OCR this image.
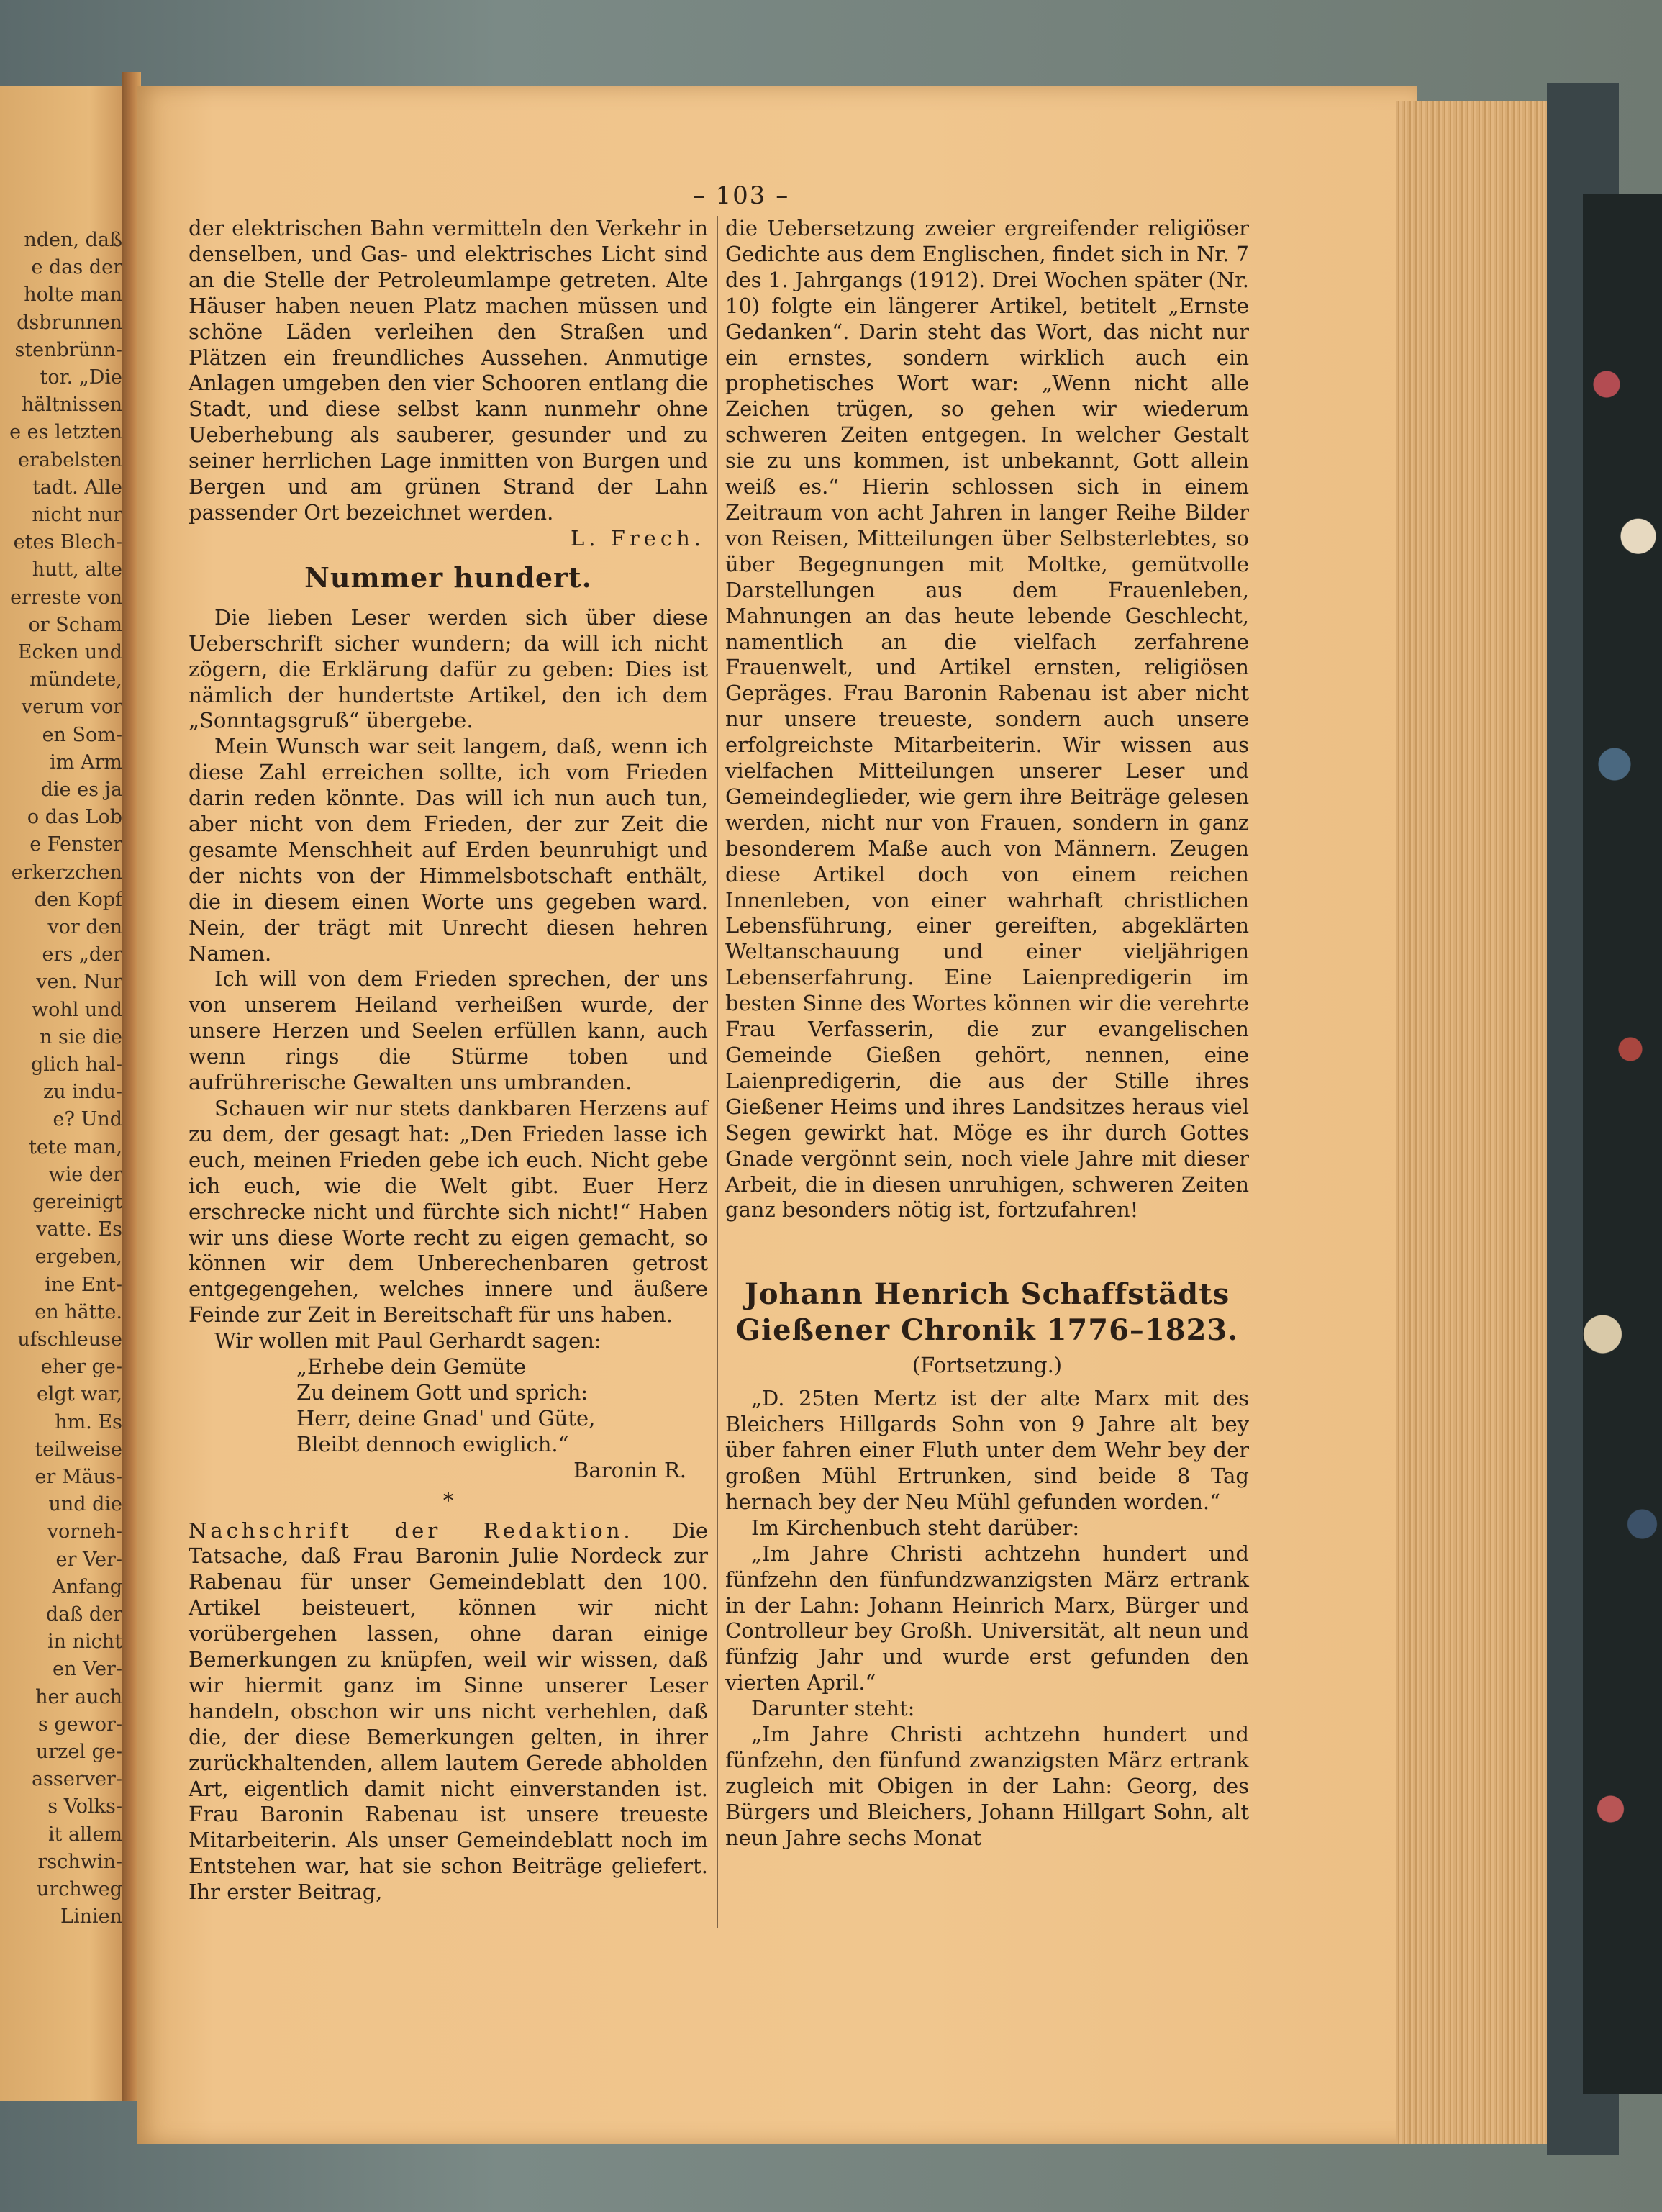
nden, daß
e das der
holte man
dsbrunnen
stenbrünn-
tor. „Die
hältnissen
e es letzten
erabelsten
tadt. Alle
nicht nur
etes Blech-
hutt, alte
erreste von
or Scham
Ecken und
mündete,
verum vor
en Som-
im Arm
die es ja
o das Lob
e Fenster
erkerzchen
den Kopf
vor den
ers „der
ven. Nur
wohl und
n sie die
glich hal-
zu indu-
e? Und
tete man,
wie der
gereinigt
vatte. Es
ergeben,
ine Ent-
en hätte.
ufschleuse
eher ge-
elgt war,
hm. Es
teilweise
er Mäus-
und die
vorneh-
er Ver-
Anfang
daß der
in nicht
en Ver-
her auch
s gewor-
urzel ge-
asserver-
s Volks-
it allem
rschwin-
urchweg
Linien
– 103 –

der elektrischen Bahn vermitteln den Verkehr in denselben, und Gas- und elektrisches Licht sind an die Stelle der Petroleumlampe getreten. Alte Häuser haben neuen Platz machen müssen und schöne Läden verleihen den Straßen und Plätzen ein freundliches Aussehen. Anmutige Anlagen umgeben den vier Schooren entlang die Stadt, und diese selbst kann nunmehr ohne Ueberhebung als sauberer, gesunder und zu seiner herrlichen Lage inmitten von Burgen und Bergen und am grünen Strand der Lahn passender Ort bezeichnet werden.

L. Frech.

Nummer hundert.

Die lieben Leser werden sich über diese Ueberschrift sicher wundern; da will ich nicht zögern, die Erklärung dafür zu geben: Dies ist nämlich der hundertste Artikel, den ich dem „Sonntagsgruß“ übergebe.

Mein Wunsch war seit langem, daß, wenn ich diese Zahl erreichen sollte, ich vom Frieden darin reden könnte. Das will ich nun auch tun, aber nicht von dem Frieden, der zur Zeit die gesamte Menschheit auf Erden beunruhigt und der nichts von der Himmelsbotschaft enthält, die in diesem einen Worte uns gegeben ward. Nein, der trägt mit Unrecht diesen hehren Namen.

Ich will von dem Frieden sprechen, der uns von unserem Heiland verheißen wurde, der unsere Herzen und Seelen erfüllen kann, auch wenn rings die Stürme toben und aufrührerische Gewalten uns umbranden.

Schauen wir nur stets dankbaren Herzens auf zu dem, der gesagt hat: „Den Frieden lasse ich euch, meinen Frieden gebe ich euch. Nicht gebe ich euch, wie die Welt gibt. Euer Herz erschrecke nicht und fürchte sich nicht!“ Haben wir uns diese Worte recht zu eigen gemacht, so können wir dem Unberechenbaren getrost entgegengehen, welches innere und äußere Feinde zur Zeit in Bereitschaft für uns haben.

Wir wollen mit Paul Gerhardt sagen:

„Erhebe dein Gemüte

Zu deinem Gott und sprich:

Herr, deine Gnad' und Güte,

Bleibt dennoch ewiglich.“

Baronin R.

*

Nachschrift der Redaktion. Die Tatsache, daß Frau Baronin Julie Nordeck zur Rabenau für unser Gemeindeblatt den 100. Artikel beisteuert, können wir nicht vorübergehen lassen, ohne daran einige Bemerkungen zu knüpfen, weil wir wissen, daß wir hiermit ganz im Sinne unserer Leser handeln, obschon wir uns nicht verhehlen, daß die, der diese Bemerkungen gelten, in ihrer zurückhaltenden, allem lautem Gerede abholden Art, eigentlich damit nicht einverstanden ist. Frau Baronin Rabenau ist unsere treueste Mitarbeiterin. Als unser Gemeindeblatt noch im Entstehen war, hat sie schon Beiträge geliefert. Ihr erster Beitrag,

die Uebersetzung zweier ergreifender religiöser Gedichte aus dem Englischen, findet sich in Nr. 7 des 1. Jahrgangs (1912). Drei Wochen später (Nr. 10) folgte ein längerer Artikel, betitelt „Ernste Gedanken“. Darin steht das Wort, das nicht nur ein ernstes, sondern wirklich auch ein prophetisches Wort war: „Wenn nicht alle Zeichen trügen, so gehen wir wiederum schweren Zeiten entgegen. In welcher Gestalt sie zu uns kommen, ist unbekannt, Gott allein weiß es.“ Hierin schlossen sich in einem Zeitraum von acht Jahren in langer Reihe Bilder von Reisen, Mitteilungen über Selbsterlebtes, so über Begegnungen mit Moltke, gemütvolle Darstellungen aus dem Frauenleben, Mahnungen an das heute lebende Geschlecht, namentlich an die vielfach zerfahrene Frauenwelt, und Artikel ernsten, religiösen Gepräges. Frau Baronin Rabenau ist aber nicht nur unsere treueste, sondern auch unsere erfolgreichste Mitarbeiterin. Wir wissen aus vielfachen Mitteilungen unserer Leser und Gemeindeglieder, wie gern ihre Beiträge gelesen werden, nicht nur von Frauen, sondern in ganz besonderem Maße auch von Männern. Zeugen diese Artikel doch von einem reichen Innenleben, von einer wahrhaft christlichen Lebensführung, einer gereiften, abgeklärten Weltanschauung und einer vieljährigen Lebenserfahrung. Eine Laienpredigerin im besten Sinne des Wortes können wir die verehrte Frau Verfasserin, die zur evangelischen Gemeinde Gießen gehört, nennen, eine Laienpredigerin, die aus der Stille ihres Gießener Heims und ihres Landsitzes heraus viel Segen gewirkt hat. Möge es ihr durch Gottes Gnade vergönnt sein, noch viele Jahre mit dieser Arbeit, die in diesen unruhigen, schweren Zeiten ganz besonders nötig ist, fortzufahren!

Johann Henrich Schaffstädts
Gießener Chronik 1776–1823.
(Fortsetzung.)

„D. 25ten Mertz ist der alte Marx mit des Bleichers Hillgards Sohn von 9 Jahre alt bey über fahren einer Fluth unter dem Wehr bey der großen Mühl Ertrunken, sind beide 8 Tag hernach bey der Neu Mühl gefunden worden.“

Im Kirchenbuch steht darüber:

„Im Jahre Christi achtzehn hundert und fünfzehn den fünfundzwanzigsten März ertrank in der Lahn: Johann Heinrich Marx, Bürger und Controlleur bey Großh. Universität, alt neun und fünfzig Jahr und wurde erst gefunden den vierten April.“

Darunter steht:

„Im Jahre Christi achtzehn hundert und fünfzehn, den fünfund zwanzigsten März ertrank zugleich mit Obigen in der Lahn: Georg, des Bürgers und Bleichers, Johann Hillgart Sohn, alt neun Jahre sechs Monat
